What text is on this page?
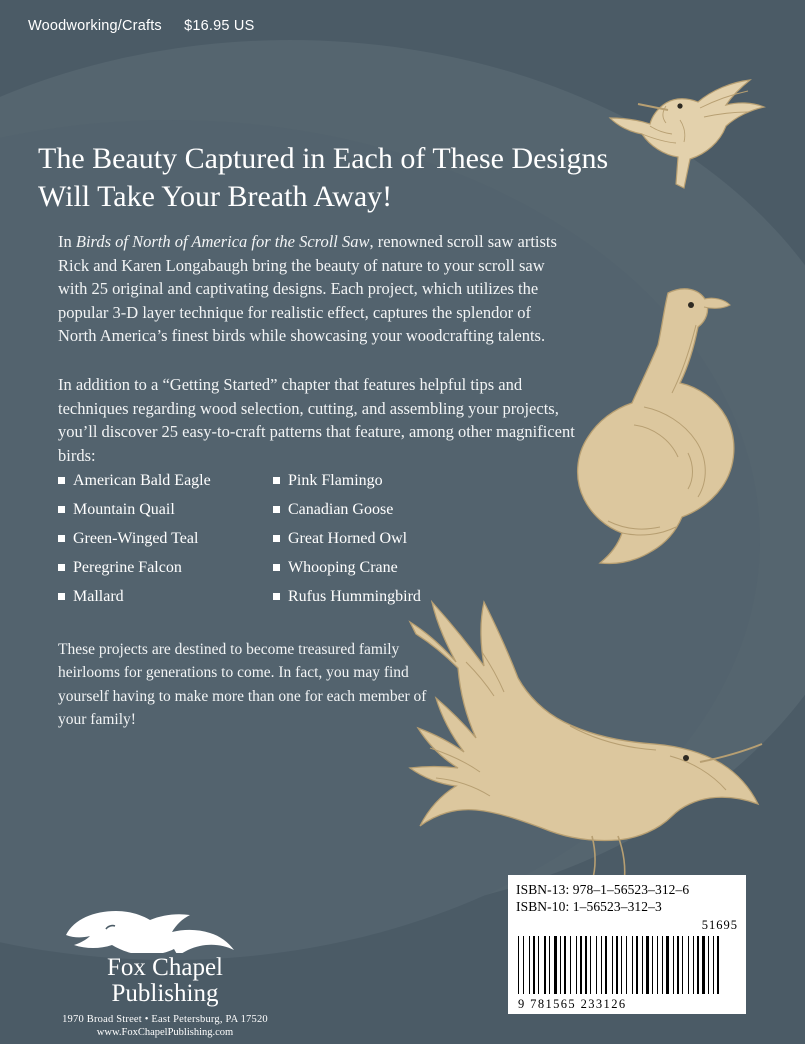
Woodworking/Crafts $16.95 US
The Beauty Captured in Each of These Designs Will Take Your Breath Away!
In Birds of North of America for the Scroll Saw, renowned scroll saw artists Rick and Karen Longabaugh bring the beauty of nature to your scroll saw with 25 original and captivating designs. Each project, which utilizes the popular 3-D layer technique for realistic effect, captures the splendor of North America’s finest birds while showcasing your woodcrafting talents.
In addition to a “Getting Started” chapter that features helpful tips and techniques regarding wood selection, cutting, and assembling your projects, you’ll discover 25 easy-to-craft patterns that feature, among other magnificent birds:
American Bald Eagle
Mountain Quail
Green-Winged Teal
Peregrine Falcon
Mallard
Pink Flamingo
Canadian Goose
Great Horned Owl
Whooping Crane
Rufus Hummingbird
These projects are destined to become treasured family heirlooms for generations to come. In fact, you may find yourself having to make more than one for each member of your family!
Fox Chapel
Publishing
1970 Broad Street • East Petersburg, PA 17520
www.FoxChapelPublishing.com
ISBN-13: 978–1–56523–312–6
ISBN-10: 1–56523–312–3
51695
9 781565 233126
